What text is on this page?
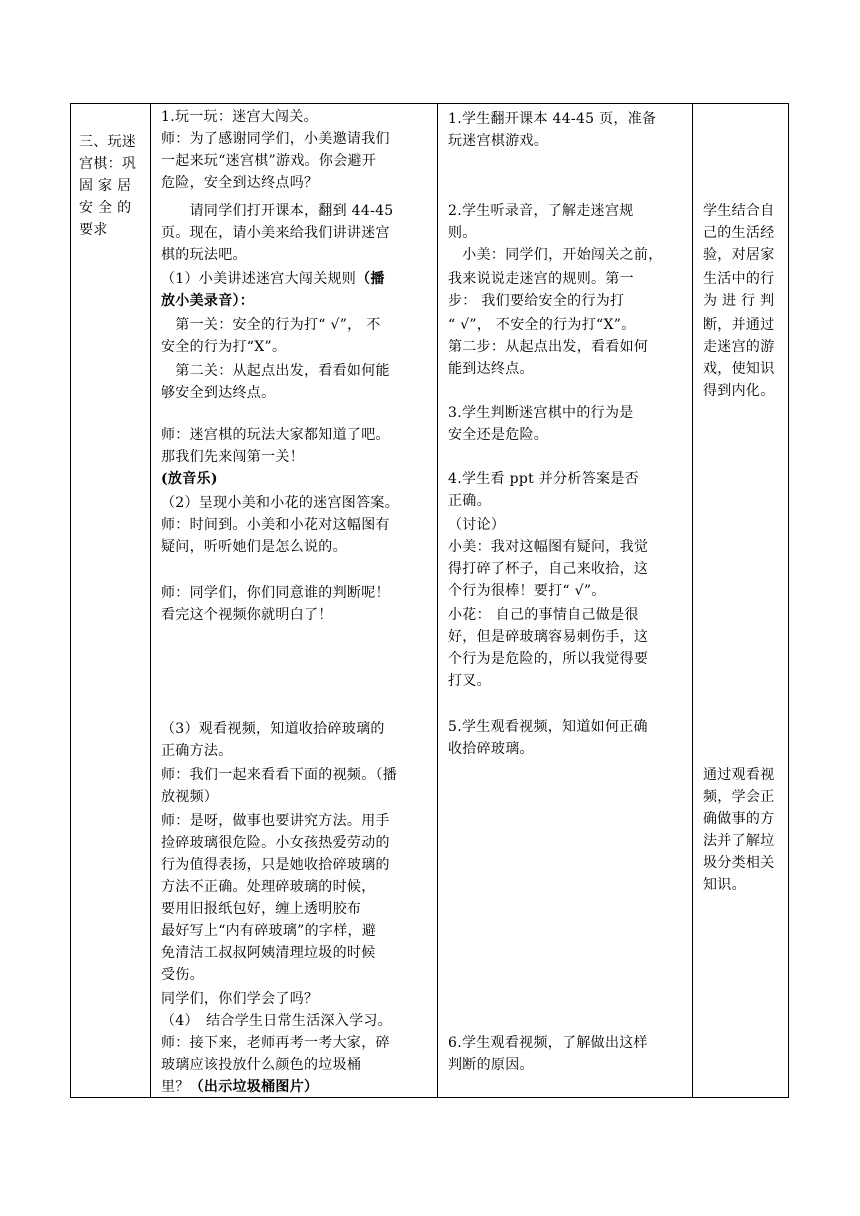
三、玩迷
宫棋：巩
固 家 居
安 全 的
要求

1.玩一玩：迷宫大闯关。
师：为了感谢同学们，小美邀请我们
一起来玩“迷宫棋”游戏。你会避开
危险，安全到达终点吗？
　　请同学们打开课本，翻到 44-45
页。现在，请小美来给我们讲讲迷宫
棋的玩法吧。
（1）小美讲述迷宫大闯关规则（播
放小美录音）：
　第一关：安全的行为打“ √”， 不
安全的行为打“X”。
　第二关：从起点出发，看看如何能
够安全到达终点。
师：迷宫棋的玩法大家都知道了吧。
那我们先来闯第一关！
(放音乐)
（2）呈现小美和小花的迷宫图答案。
师：时间到。小美和小花对这幅图有
疑问，听听她们是怎么说的。
师：同学们，你们同意谁的判断呢！
看完这个视频你就明白了！
（3）观看视频，知道收拾碎玻璃的
正确方法。
师：我们一起来看看下面的视频。（播
放视频）
师：是呀，做事也要讲究方法。用手
捡碎玻璃很危险。小女孩热爱劳动的
行为值得表扬，只是她收拾碎玻璃的
方法不正确。处理碎玻璃的时候，
要用旧报纸包好，缠上透明胶布
最好写上“内有碎玻璃”的字样，避
免清洁工叔叔阿姨清理垃圾的时候
受伤。
同学们，你们学会了吗？
（4）　结合学生日常生活深入学习。
师：接下来，老师再考一考大家，碎
玻璃应该投放什么颜色的垃圾桶
里？（出示垃圾桶图片）

1.学生翻开课本 44-45 页，准备
玩迷宫棋游戏。
2.学生听录音，了解走迷宫规
则。
　小美：同学们，开始闯关之前，
我来说说走迷宫的规则。第一
步： 我们要给安全的行为打
“ √”， 不安全的行为打“X”。
第二步：从起点出发，看看如何
能到达终点。
3.学生判断迷宫棋中的行为是
安全还是危险。
4.学生看 ppt 并分析答案是否
正确。
（讨论）
小美：我对这幅图有疑问，我觉
得打碎了杯子，自己来收拾，这
个行为很棒！要打“ √”。
小花： 自己的事情自己做是很
好，但是碎玻璃容易刺伤手，这
个行为是危险的，所以我觉得要
打叉。
5.学生观看视频，知道如何正确
收拾碎玻璃。
6.学生观看视频，了解做出这样
判断的原因。

学生结合自
己的生活经
验，对居家
生活中的行
为 进 行 判
断，并通过
走迷宫的游
戏，使知识
得到内化。
通过观看视
频，学会正
确做事的方
法并了解垃
圾分类相关
知识。
